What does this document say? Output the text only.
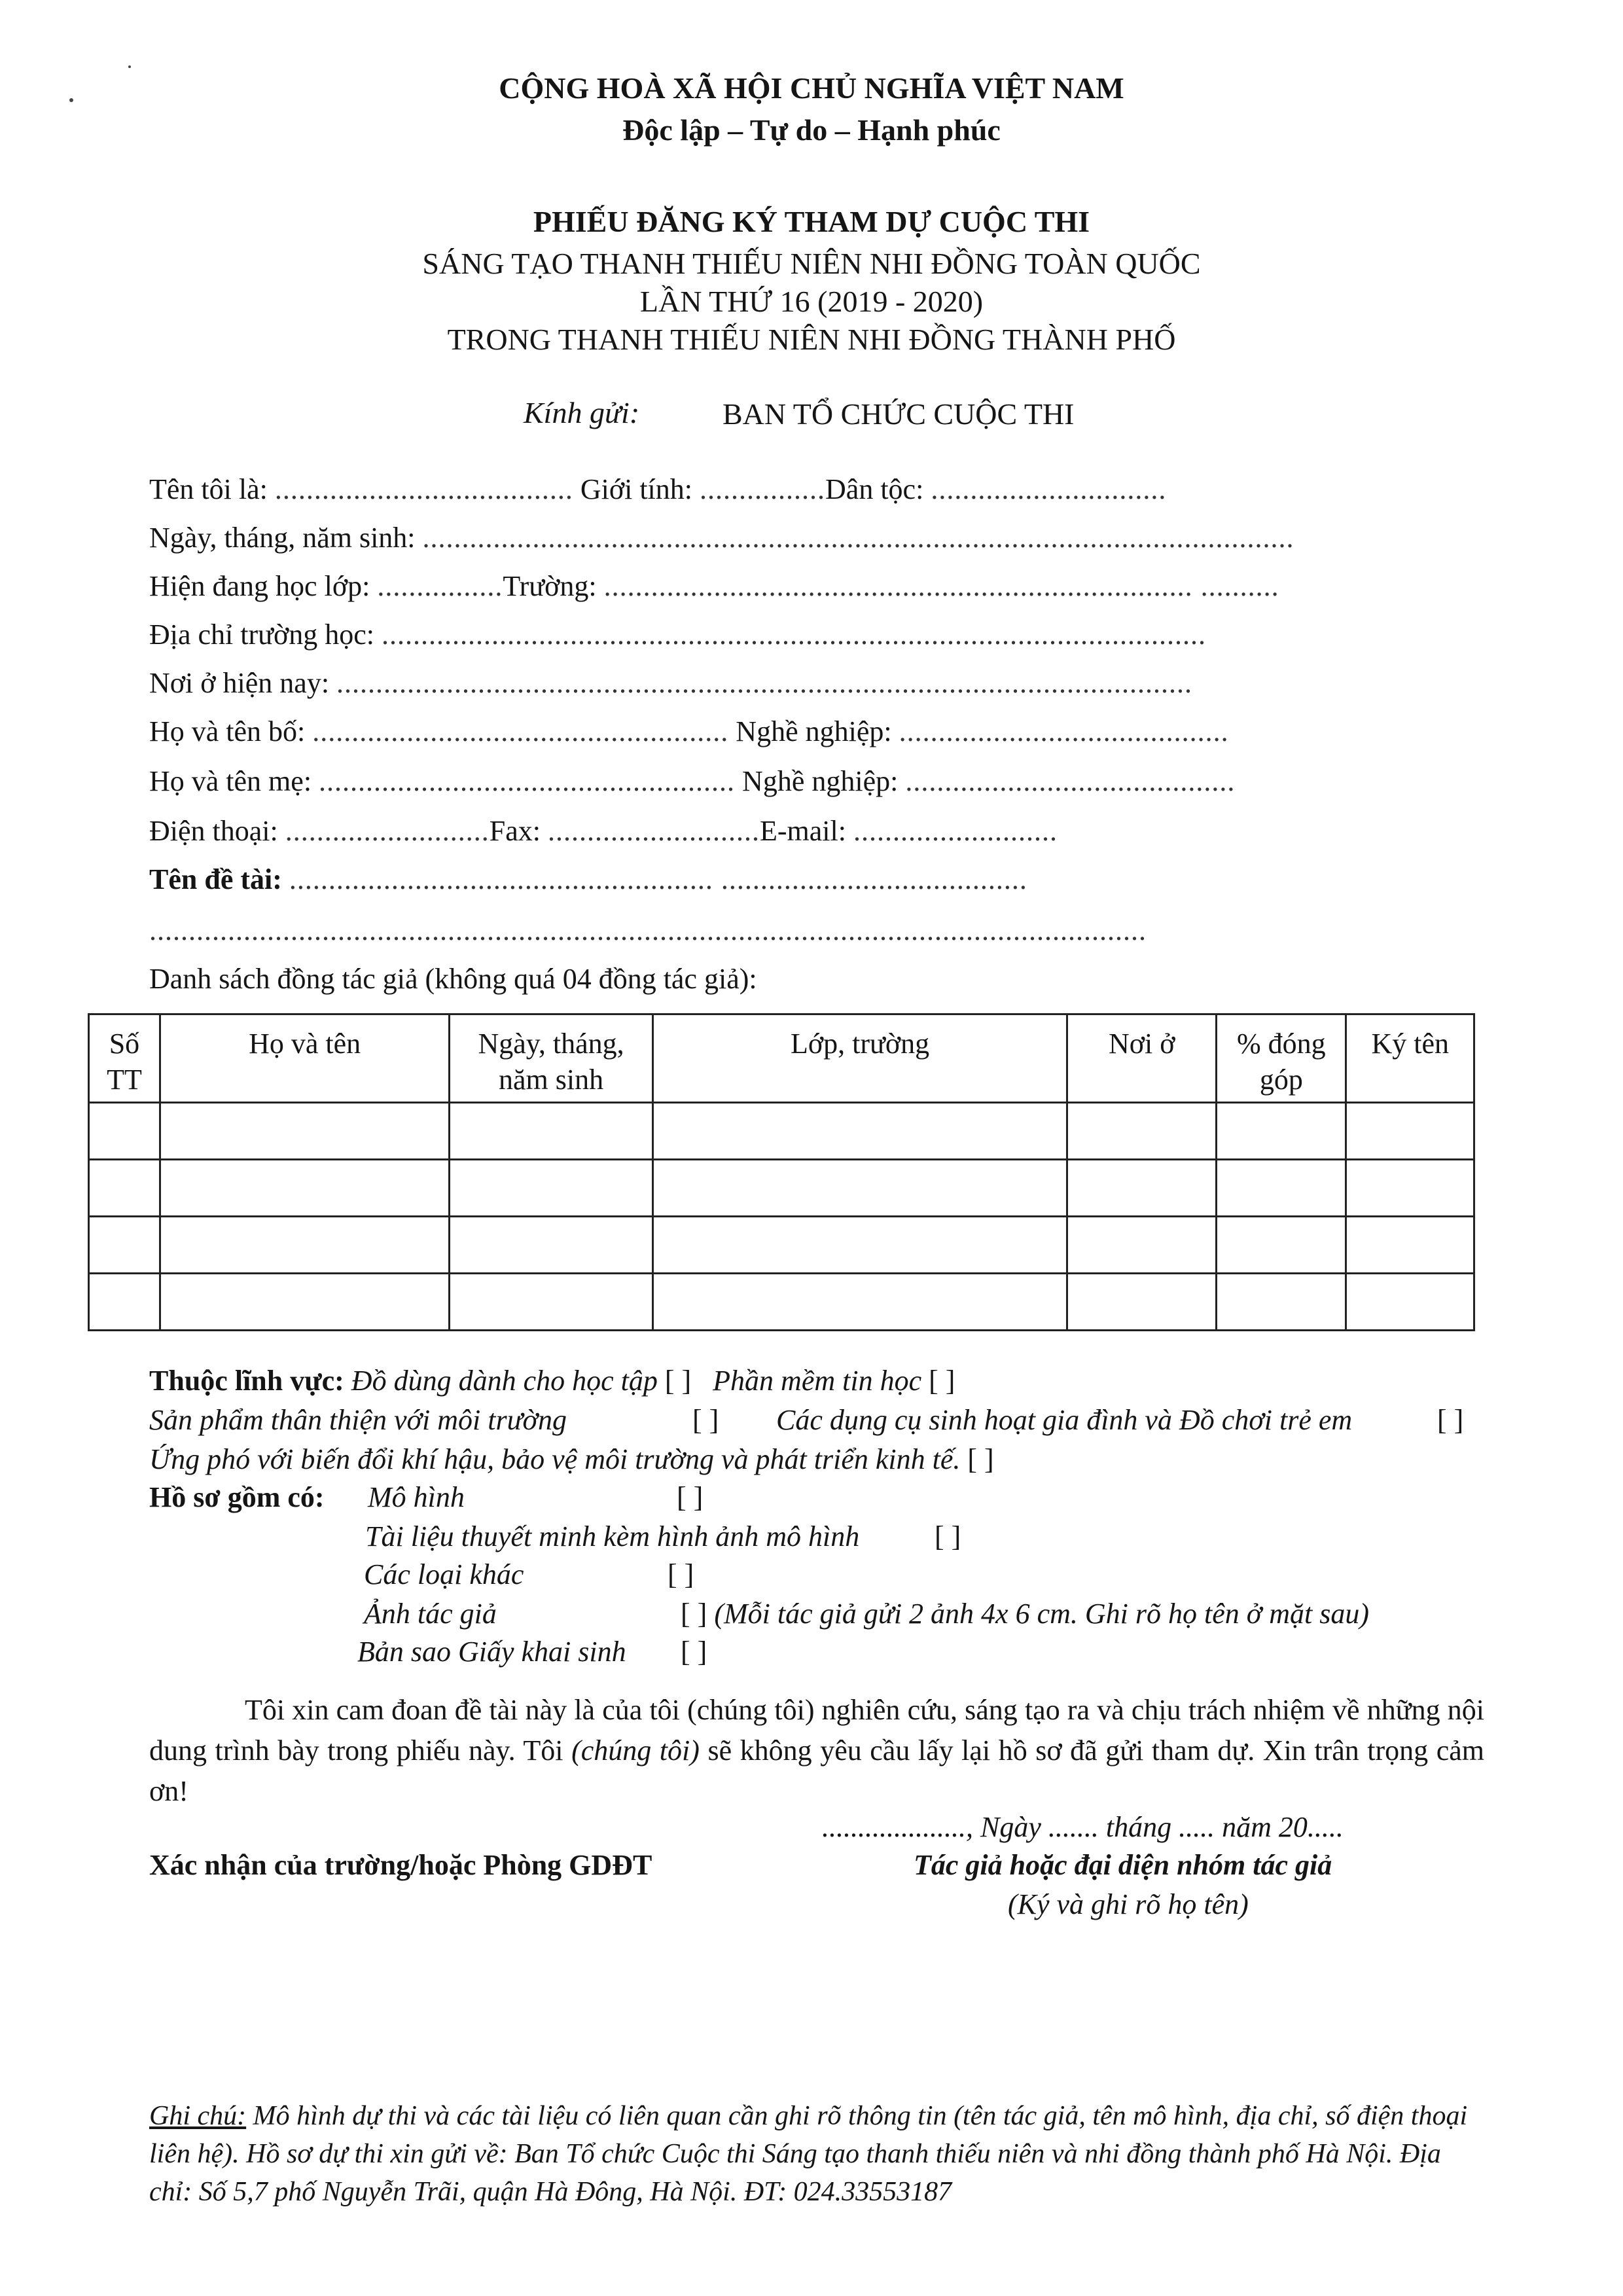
CỘNG HOÀ XÃ HỘI CHỦ NGHĨA VIỆT NAM
Độc lập – Tự do – Hạnh phúc
PHIẾU ĐĂNG KÝ THAM DỰ CUỘC THI
SÁNG TẠO THANH THIẾU NIÊN NHI ĐỒNG TOÀN QUỐC
LẦN THỨ 16 (2019 - 2020)
TRONG THANH THIẾU NIÊN NHI ĐỒNG THÀNH PHỐ
Kính gửi:	BAN TỔ CHỨC CUỘC THI
Tên tôi là: ...................................... Giới tính: ................Dân tộc: ..............................
Ngày, tháng, năm sinh: ...............................................................................................................
Hiện đang học lớp: ................Trường: ........................................................................... ..........
Địa chỉ trường học: .........................................................................................................
Nơi ở hiện nay: .............................................................................................................
Họ và tên bố: ..................................................... Nghề nghiệp: ..........................................
Họ và tên mẹ: ..................................................... Nghề nghiệp: ..........................................
Điện thoại: ..........................Fax: ...........................E-mail: ..........................
Tên đề tài: ...................................................... .......................................
...............................................................................................................................
Danh sách đồng tác giả (không quá 04 đồng tác giả):
Số TT	Họ và tên	Ngày, tháng, năm sinh	Lớp, trường	Nơi ở	% đóng góp	Ký tên

Thuộc lĩnh vực: Đồ dùng dành cho học tập [ ] Phần mềm tin học [ ]
Sản phẩm thân thiện với môi trường	[ ] Các dụng cụ sinh hoạt gia đình và Đồ chơi trẻ em	[ ]
Ứng phó với biến đổi khí hậu, bảo vệ môi trường và phát triển kinh tế. [ ]
Hồ sơ gồm có: Mô hình	[ ]
Tài liệu thuyết minh kèm hình ảnh mô hình	[ ]
Các loại khác	[ ]
Ảnh tác giả	[ ] (Mỗi tác giả gửi 2 ảnh 4x 6 cm. Ghi rõ họ tên ở mặt sau)
Bản sao Giấy khai sinh [ ]
Tôi xin cam đoan đề tài này là của tôi (chúng tôi) nghiên cứu, sáng tạo ra và chịu trách nhiệm về những nội dung trình bày trong phiếu này. Tôi (chúng tôi) sẽ không yêu cầu lấy lại hồ sơ đã gửi tham dự. Xin trân trọng cảm ơn!
...................., Ngày ....... tháng ..... năm 20.....
Xác nhận của trường/hoặc Phòng GDĐT	Tác giả hoặc đại diện nhóm tác giả
(Ký và ghi rõ họ tên)
Ghi chú: Mô hình dự thi và các tài liệu có liên quan cần ghi rõ thông tin (tên tác giả, tên mô hình, địa chỉ, số điện thoại liên hệ). Hồ sơ dự thi xin gửi về: Ban Tổ chức Cuộc thi Sáng tạo thanh thiếu niên và nhi đồng thành phố Hà Nội. Địa chỉ: Số 5,7 phố Nguyễn Trãi, quận Hà Đông, Hà Nội. ĐT: 024.33553187
